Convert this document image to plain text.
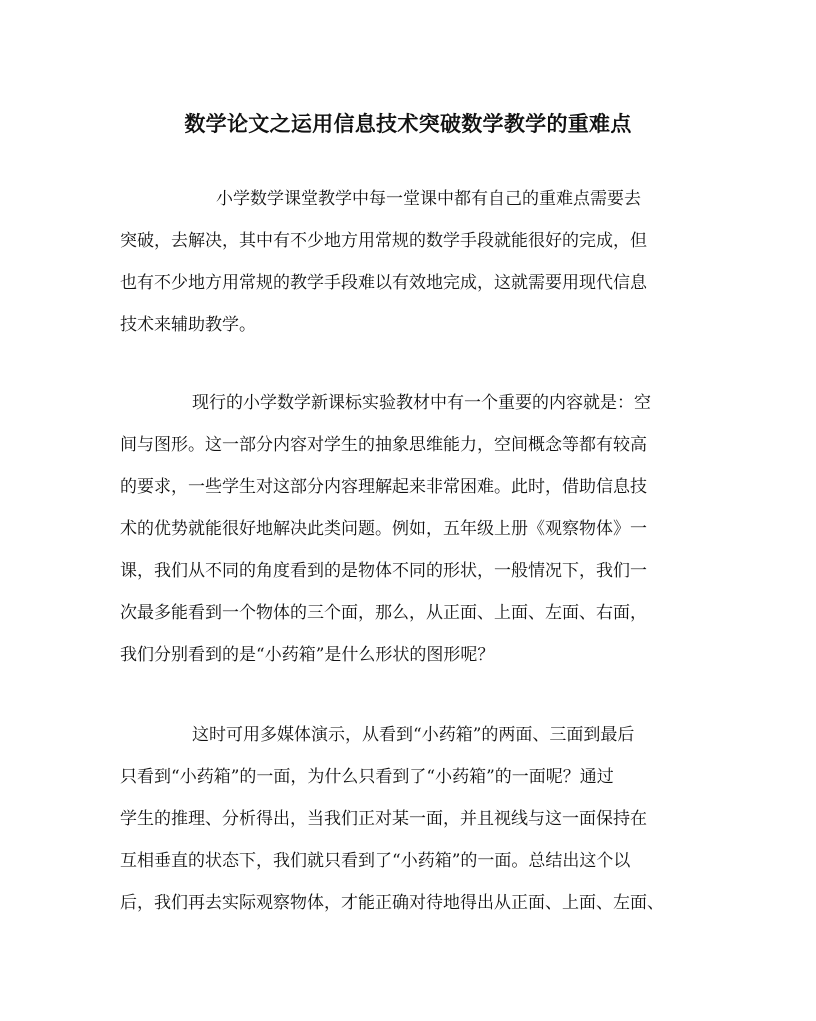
数学论文之运用信息技术突破数学教学的重难点

小学数学课堂教学中每一堂课中都有自己的重难点需要去
突破，去解决，其中有不少地方用常规的数学手段就能很好的完成，但
也有不少地方用常规的教学手段难以有效地完成，这就需要用现代信息
技术来辅助教学。

现行的小学数学新课标实验教材中有一个重要的内容就是：空
间与图形。这一部分内容对学生的抽象思维能力，空间概念等都有较高
的要求，一些学生对这部分内容理解起来非常困难。此时，借助信息技
术的优势就能很好地解决此类问题。例如，五年级上册《观察物体》一
课，我们从不同的角度看到的是物体不同的形状，一般情况下，我们一
次最多能看到一个物体的三个面，那么，从正面、上面、左面、右面，
我们分别看到的是“小药箱”是什么形状的图形呢？

这时可用多媒体演示，从看到“小药箱”的两面、三面到最后
只看到“小药箱”的一面，为什么只看到了“小药箱”的一面呢？通过
学生的推理、分析得出，当我们正对某一面，并且视线与这一面保持在
互相垂直的状态下，我们就只看到了“小药箱”的一面。总结出这个以
后，我们再去实际观察物体，才能正确对待地得出从正面、上面、左面、
